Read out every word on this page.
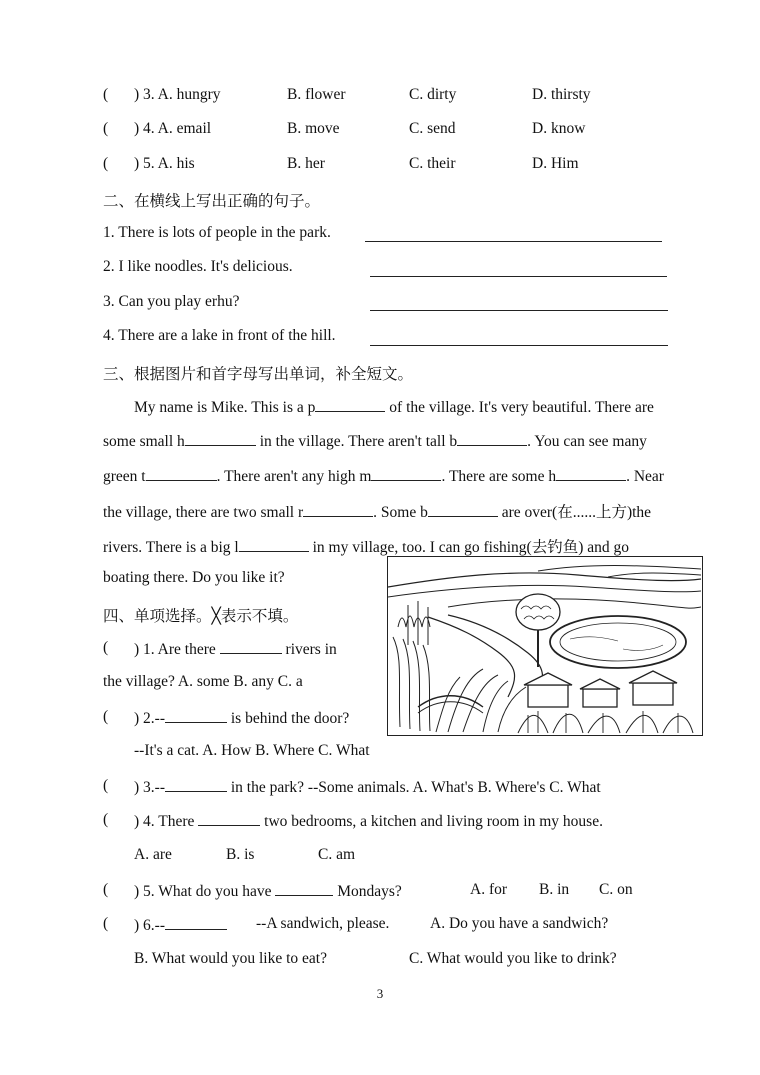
( ) 3. A. hungry	B. flower	C. dirty	D. thirsty
( ) 4. A. email	B. move	C. send	D. know
( ) 5. A. his	B. her	C. their	D. Him
二、在横线上写出正确的句子。
1. There is lots of people in the park.
2. I like noodles. It's delicious.
3. Can you play erhu?
4. There are a lake in front of the hill.
三、根据图片和首字母写出单词，补全短文。
My name is Mike. This is a p	of the village. It's very beautiful. There are
some small h	in the village. There aren't tall b	. You can see many
green t	. There aren't any high m	. There are some h	. Near
the village, there are two small r	. Some b	are over(在......上方)the
rivers. There is a big l	in my village, too. I can go fishing(去钓鱼) and go
boating there. Do you like it?
四、单项选择。╳表示不填。
( ) 1. Are there	rivers in
the village? A. some B. any C. a
( ) 2.--	is behind the door?
--It's a cat. A. How B. Where C. What
( ) 3.--	in the park? --Some animals. A. What's B. Where's C. What
( ) 4. There	two bedrooms, a kitchen and living room in my house.
A. are	B. is	C. am
( ) 5. What do you have	Mondays?	A. for B. in C. on
( ) 6.--	--A sandwich, please.	A. Do you have a sandwich?
B. What would you like to eat?	C. What would you like to drink?
3
